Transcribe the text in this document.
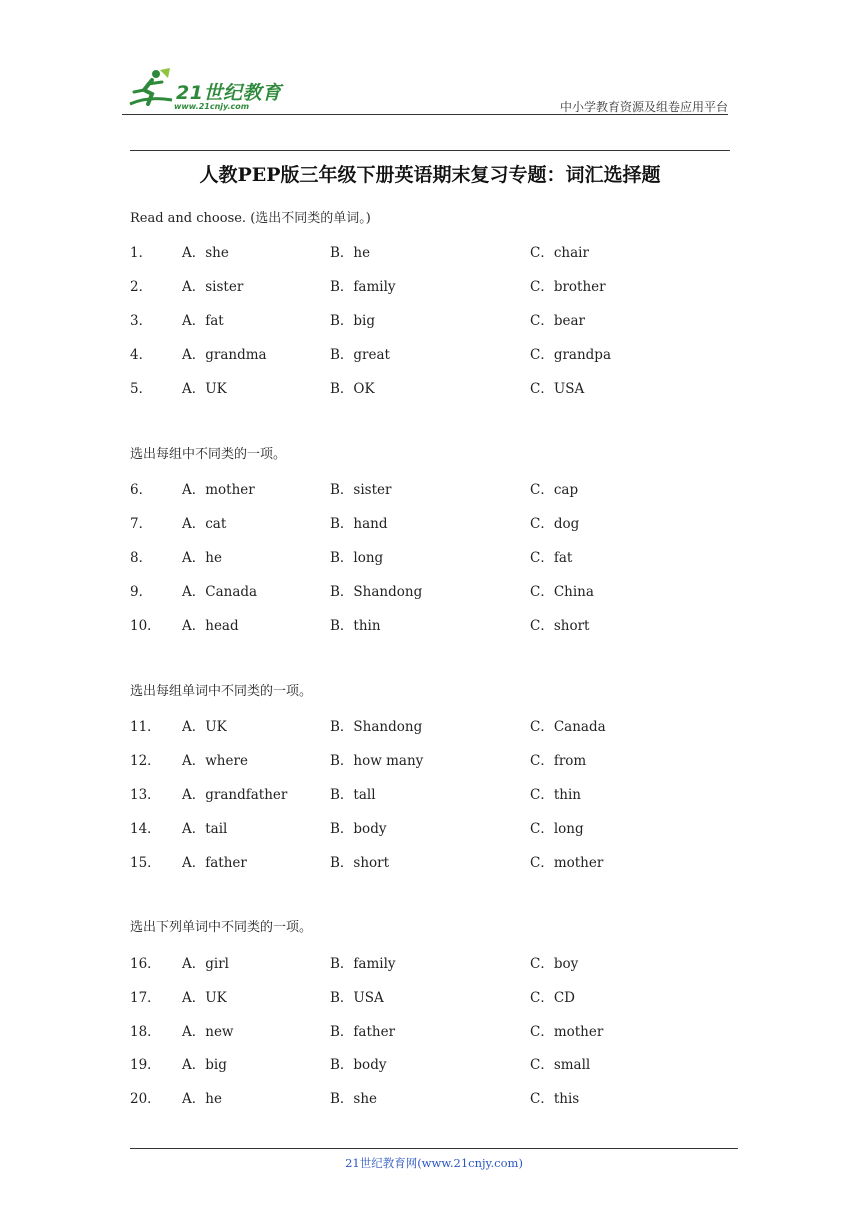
21世纪教育
www.21cnjy.com	中小学教育资源及组卷应用平台
人教PEP版三年级下册英语期末复习专题：词汇选择题
Read and choose. (选出不同类的单词。)
1． A．she	B．he	C．chair
2． A．sister	B．family	C．brother
3． A．fat	B．big	C．bear
4． A．grandma	B．great	C．grandpa
5． A．UK	B．OK	C．USA
选出每组中不同类的一项。
6． A．mother	B．sister	C．cap
7． A．cat	B．hand	C．dog
8． A．he	B．long	C．fat
9． A．Canada	B．Shandong	C．China
10． A．head	B．thin	C．short
选出每组单词中不同类的一项。
11． A．UK	B．Shandong	C．Canada
12． A．where	B．how many	C．from
13． A．grandfather	B．tall	C．thin
14． A．tail	B．body	C．long
15． A．father	B．short	C．mother
选出下列单词中不同类的一项。
16． A．girl	B．family	C．boy
17． A．UK	B．USA	C．CD
18． A．new	B．father	C．mother
19． A．big	B．body	C．small
20． A．he	B．she	C．this
21世纪教育网(www.21cnjy.com)
